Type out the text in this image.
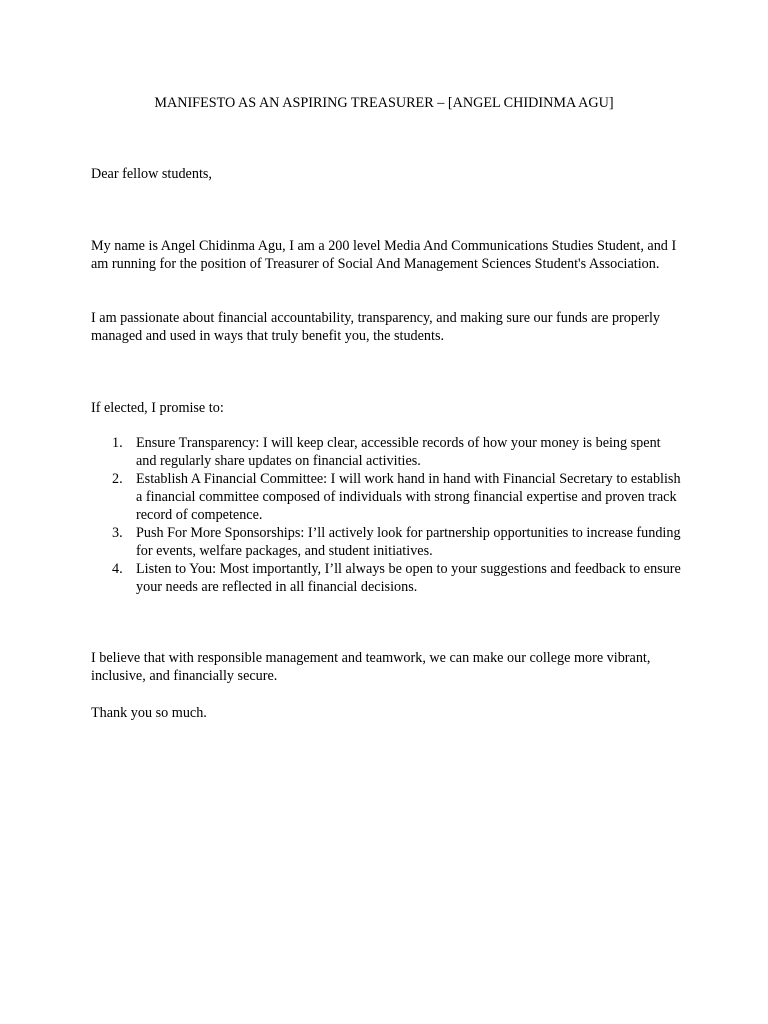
MANIFESTO AS AN ASPIRING TREASURER – [ANGEL CHIDINMA AGU]

Dear fellow students,

My name is Angel Chidinma Agu, I am a 200 level Media And Communications Studies Student, and I am running for the position of Treasurer of Social And Management Sciences Student's Association.

I am passionate about financial accountability, transparency, and making sure our funds are properly managed and used in ways that truly benefit you, the students.

If elected, I promise to:

1. Ensure Transparency: I will keep clear, accessible records of how your money is being spent and regularly share updates on financial activities.
2. Establish A Financial Committee: I will work hand in hand with Financial Secretary to establish a financial committee composed of individuals with strong financial expertise and proven track record of competence.
3. Push For More Sponsorships: I’ll actively look for partnership opportunities to increase funding for events, welfare packages, and student initiatives.
4. Listen to You: Most importantly, I’ll always be open to your suggestions and feedback to ensure your needs are reflected in all financial decisions.

I believe that with responsible management and teamwork, we can make our college more vibrant, inclusive, and financially secure.

Thank you so much.
